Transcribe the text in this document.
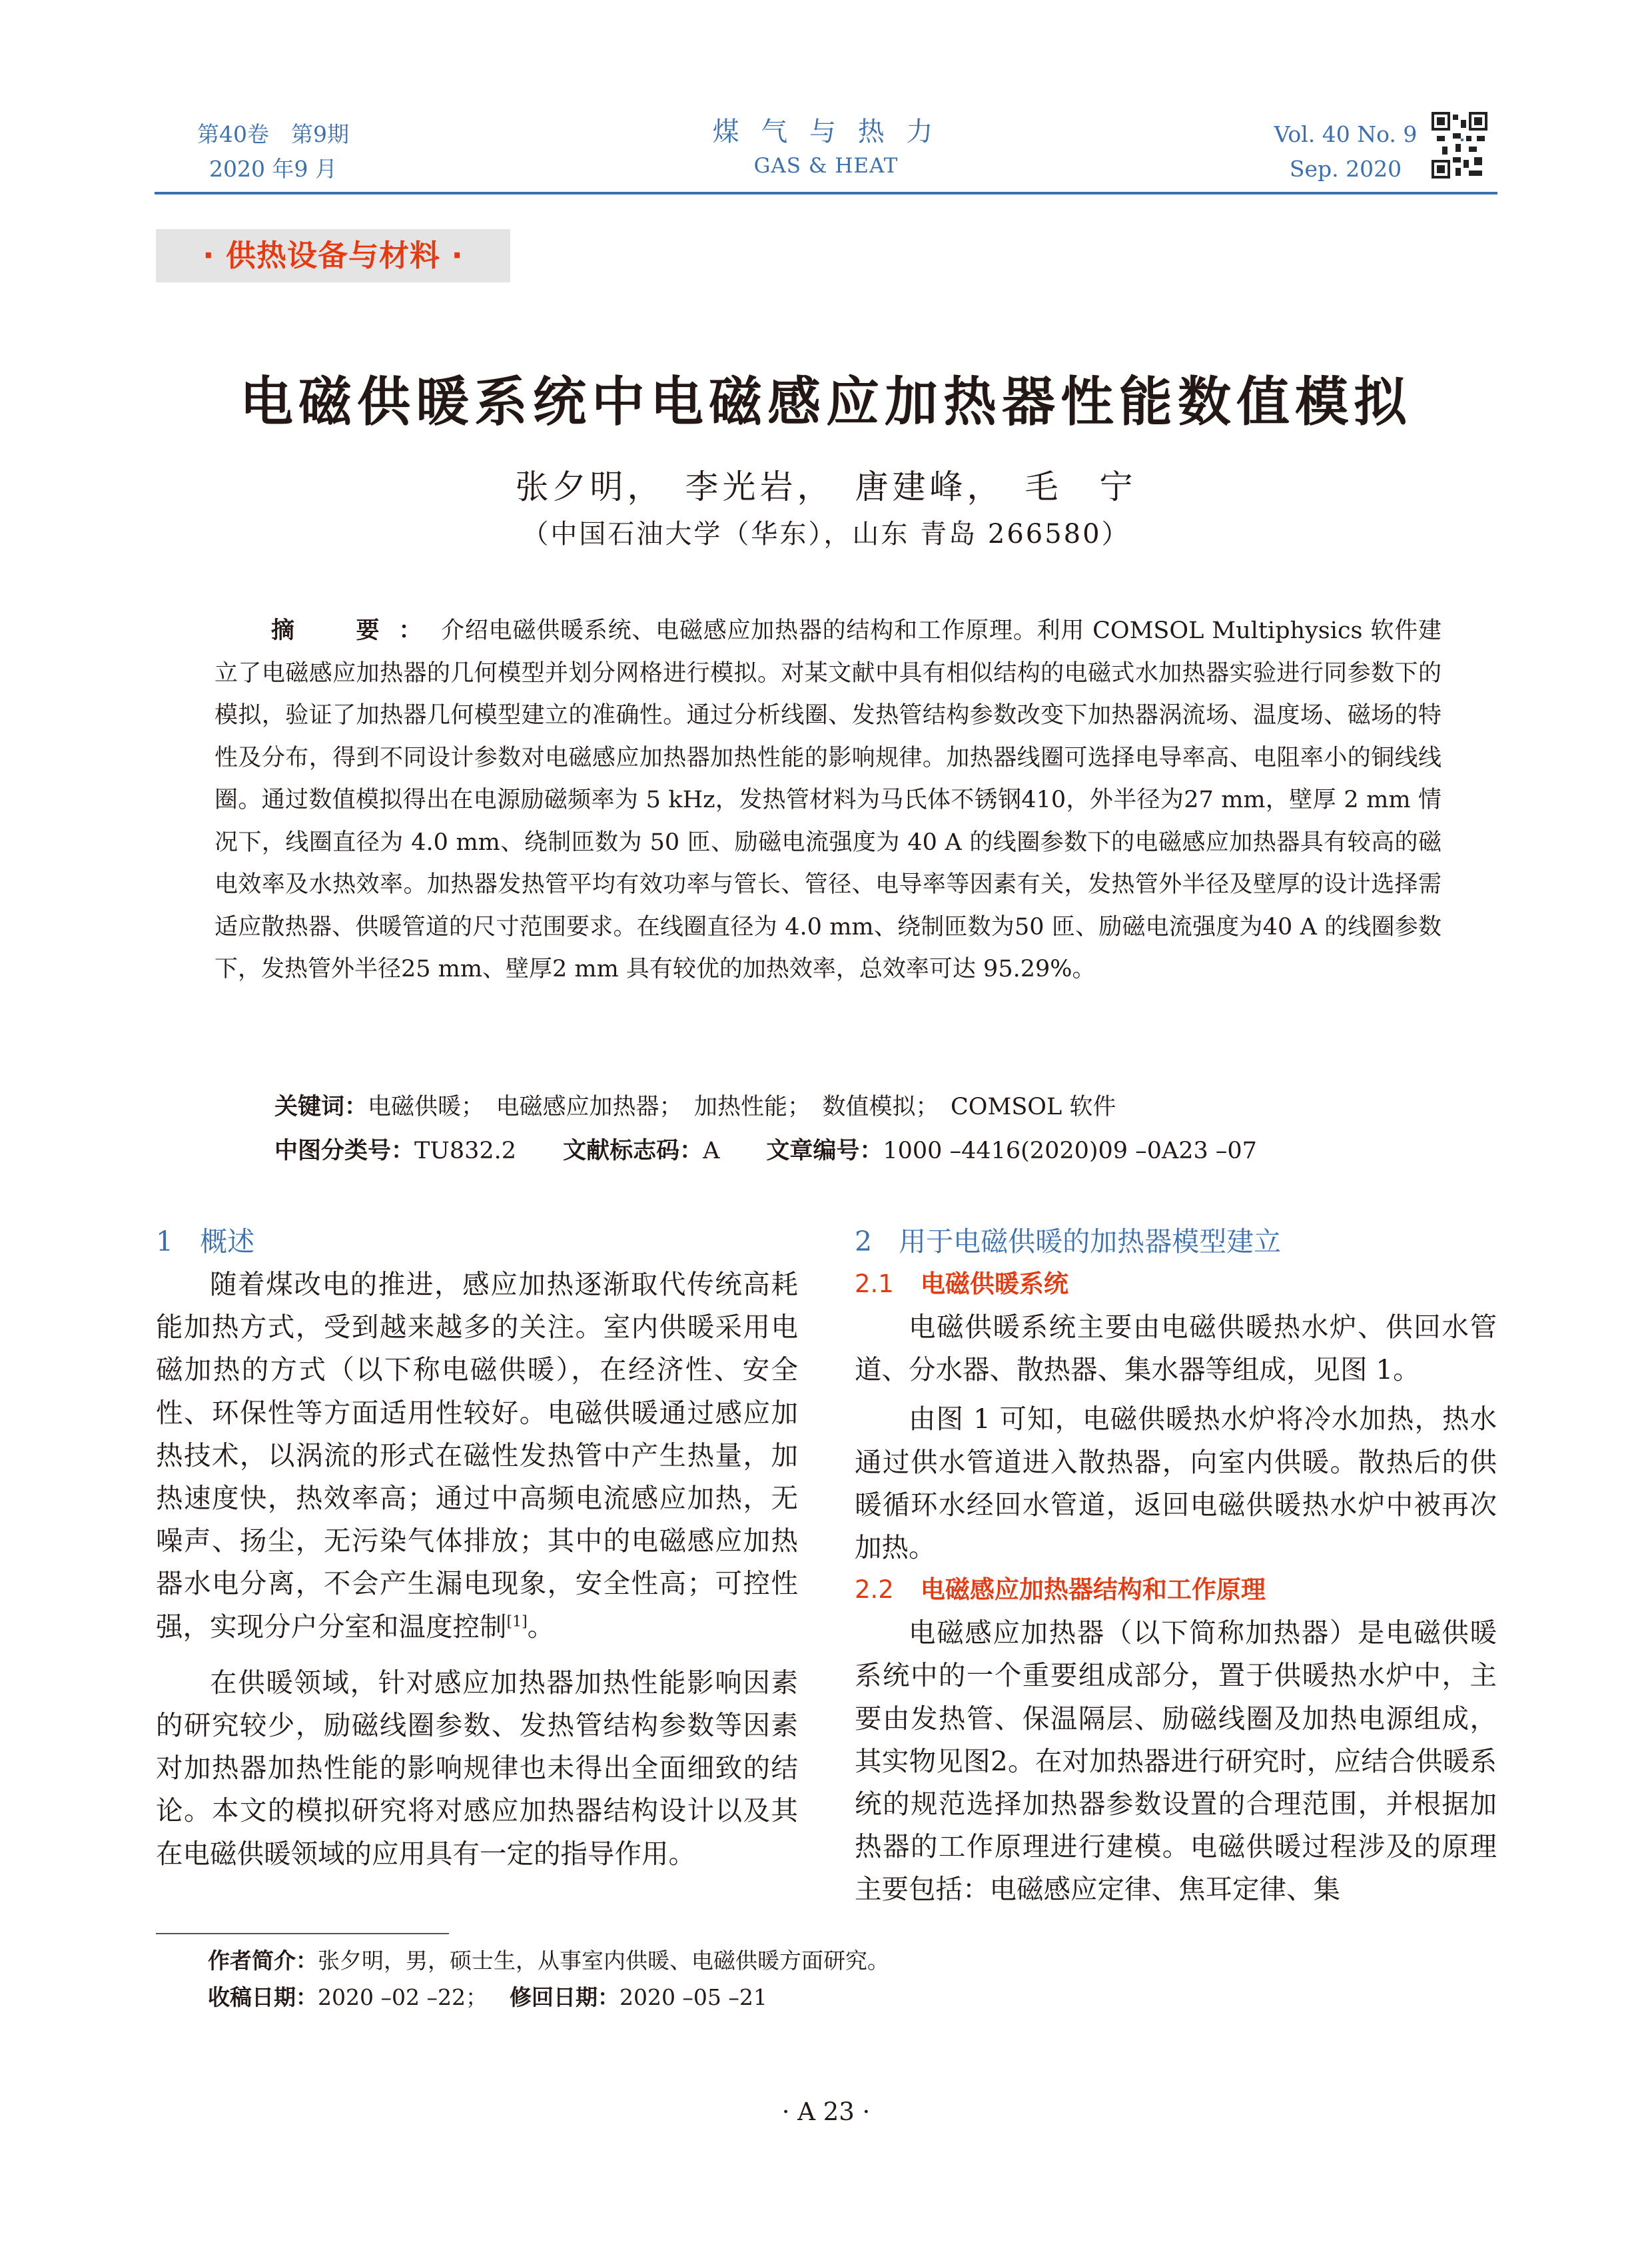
第40卷　第9期
2020 年9 月
煤 气 与 热 力
GAS & HEAT
Vol. 40 No. 9
Sep. 2020
· 供热设备与材料 ·
电磁供暖系统中电磁感应加热器性能数值模拟
张夕明，　李光岩，　唐建峰，　毛　宁
（中国石油大学（华东），山东 青岛 266580）
摘　要：介绍电磁供暖系统、电磁感应加热器的结构和工作原理。利用 COMSOL Multiphysics 软件建立了电磁感应加热器的几何模型并划分网格进行模拟。对某文献中具有相似结构的电磁式水加热器实验进行同参数下的模拟，验证了加热器几何模型建立的准确性。通过分析线圈、发热管结构参数改变下加热器涡流场、温度场、磁场的特性及分布，得到不同设计参数对电磁感应加热器加热性能的影响规律。加热器线圈可选择电导率高、电阻率小的铜线线圈。通过数值模拟得出在电源励磁频率为 5 kHz，发热管材料为马氏体不锈钢410，外半径为27 mm，壁厚 2 mm 情况下，线圈直径为 4.0 mm、绕制匝数为 50 匝、励磁电流强度为 40 A 的线圈参数下的电磁感应加热器具有较高的磁电效率及水热效率。加热器发热管平均有效功率与管长、管径、电导率等因素有关，发热管外半径及壁厚的设计选择需适应散热器、供暖管道的尺寸范围要求。在线圈直径为 4.0 mm、绕制匝数为50 匝、励磁电流强度为40 A 的线圈参数下，发热管外半径25 mm、壁厚2 mm 具有较优的加热效率，总效率可达 95.29%。
关键词：电磁供暖；　电磁感应加热器；　加热性能；　数值模拟；　COMSOL 软件
中图分类号：TU832.2 文献标志码：A 文章编号：1000 –4416(2020)09 –0A23 –07
1 概述

随着煤改电的推进，感应加热逐渐取代传统高耗能加热方式，受到越来越多的关注。室内供暖采用电磁加热的方式（以下称电磁供暖），在经济性、安全性、环保性等方面适用性较好。电磁供暖通过感应加热技术，以涡流的形式在磁性发热管中产生热量，加热速度快，热效率高；通过中高频电流感应加热，无噪声、扬尘，无污染气体排放；其中的电磁感应加热器水电分离，不会产生漏电现象，安全性高；可控性强，实现分户分室和温度控制[1]。

在供暖领域，针对感应加热器加热性能影响因素的研究较少，励磁线圈参数、发热管结构参数等因素对加热器加热性能的影响规律也未得出全面细致的结论。本文的模拟研究将对感应加热器结构设计以及其在电磁供暖领域的应用具有一定的指导作用。

2 用于电磁供暖的加热器模型建立
2.1 电磁供暖系统

电磁供暖系统主要由电磁供暖热水炉、供回水管道、分水器、散热器、集水器等组成，见图 1。

由图 1 可知，电磁供暖热水炉将冷水加热，热水通过供水管道进入散热器，向室内供暖。散热后的供暖循环水经回水管道，返回电磁供暖热水炉中被再次加热。

2.2 电磁感应加热器结构和工作原理

电磁感应加热器（以下简称加热器）是电磁供暖系统中的一个重要组成部分，置于供暖热水炉中，主要由发热管、保温隔层、励磁线圈及加热电源组成，其实物见图2。在对加热器进行研究时，应结合供暖系统的规范选择加热器参数设置的合理范围，并根据加热器的工作原理进行建模。电磁供暖过程涉及的原理主要包括：电磁感应定律、焦耳定律、集

作者简介：张夕明，男，硕士生，从事室内供暖、电磁供暖方面研究。
收稿日期：2020 –02 –22；  修回日期：2020 –05 –21
· A 23 ·
